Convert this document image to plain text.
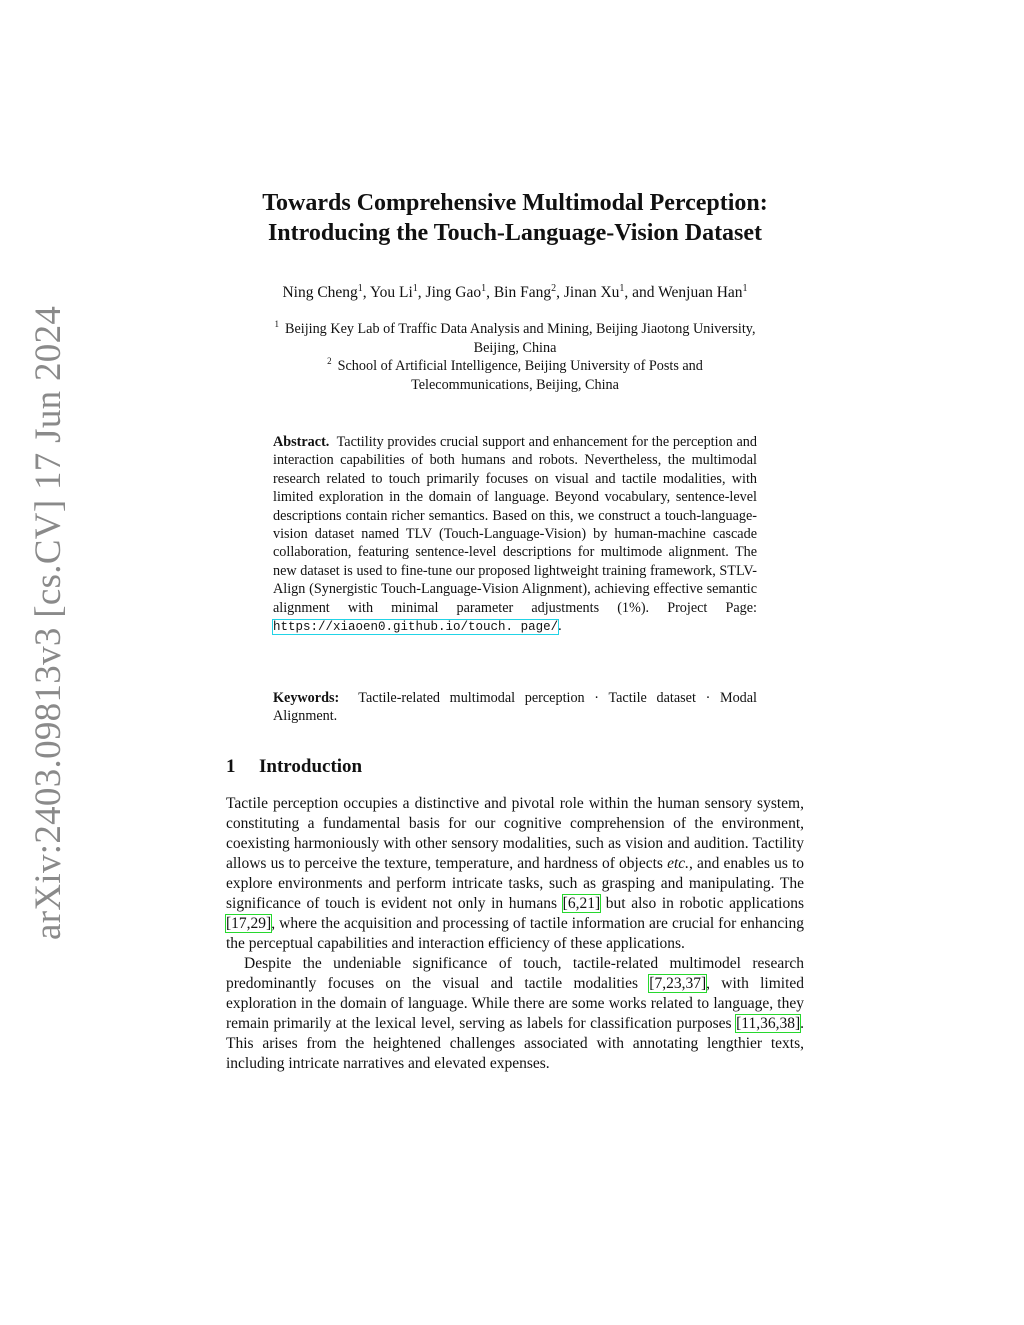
arXiv:2403.09813v3 [cs.CV] 17 Jun 2024
Towards Comprehensive Multimodal Perception:
Introducing the Touch-Language-Vision Dataset
Ning Cheng$^1$, You Li$^1$, Jing Gao$^1$, Bin Fang$^2$, Jinan Xu$^1$, and Wenjuan Han$^1$
$^1$ Beijing Key Lab of Traffic Data Analysis and Mining, Beijing Jiaotong University,
Beijing, China
$^2$ School of Artificial Intelligence, Beijing University of Posts and
Telecommunications, Beijing, China
Abstract. Tactility provides crucial support and enhancement for the perception and interaction capabilities of both humans and robots. Nevertheless, the multimodal research related to touch primarily focuses on visual and tactile modalities, with limited exploration in the domain of language. Beyond vocabulary, sentence-level descriptions contain richer semantics. Based on this, we construct a touch-language-vision dataset named TLV (Touch-Language-Vision) by human-machine cascade collaboration, featuring sentence-level descriptions for multimode alignment. The new dataset is used to fine-tune our proposed lightweight training framework, STLV-Align (Synergistic Touch-Language-Vision Alignment), achieving effective semantic alignment with minimal parameter adjustments (1%). Project Page: https://xiaoen0.github.io/touch. page/.
Keywords: Tactile-related multimodal perception · Tactile dataset · Modal Alignment.
1 Introduction

Tactile perception occupies a distinctive and pivotal role within the human sensory system, constituting a fundamental basis for our cognitive comprehension of the environment, coexisting harmoniously with other sensory modalities, such as vision and audition. Tactility allows us to perceive the texture, temperature, and hardness of objects etc., and enables us to explore environments and perform intricate tasks, such as grasping and manipulating. The significance of touch is evident not only in humans [6,21] but also in robotic applications [17,29], where the acquisition and processing of tactile information are crucial for enhancing the perceptual capabilities and interaction efficiency of these applications.

Despite the undeniable significance of touch, tactile-related multimodel research predominantly focuses on the visual and tactile modalities [7,23,37], with limited exploration in the domain of language. While there are some works related to language, they remain primarily at the lexical level, serving as labels for classification purposes [11,36,38]. This arises from the heightened challenges associated with annotating lengthier texts, including intricate narratives and elevated expenses.
